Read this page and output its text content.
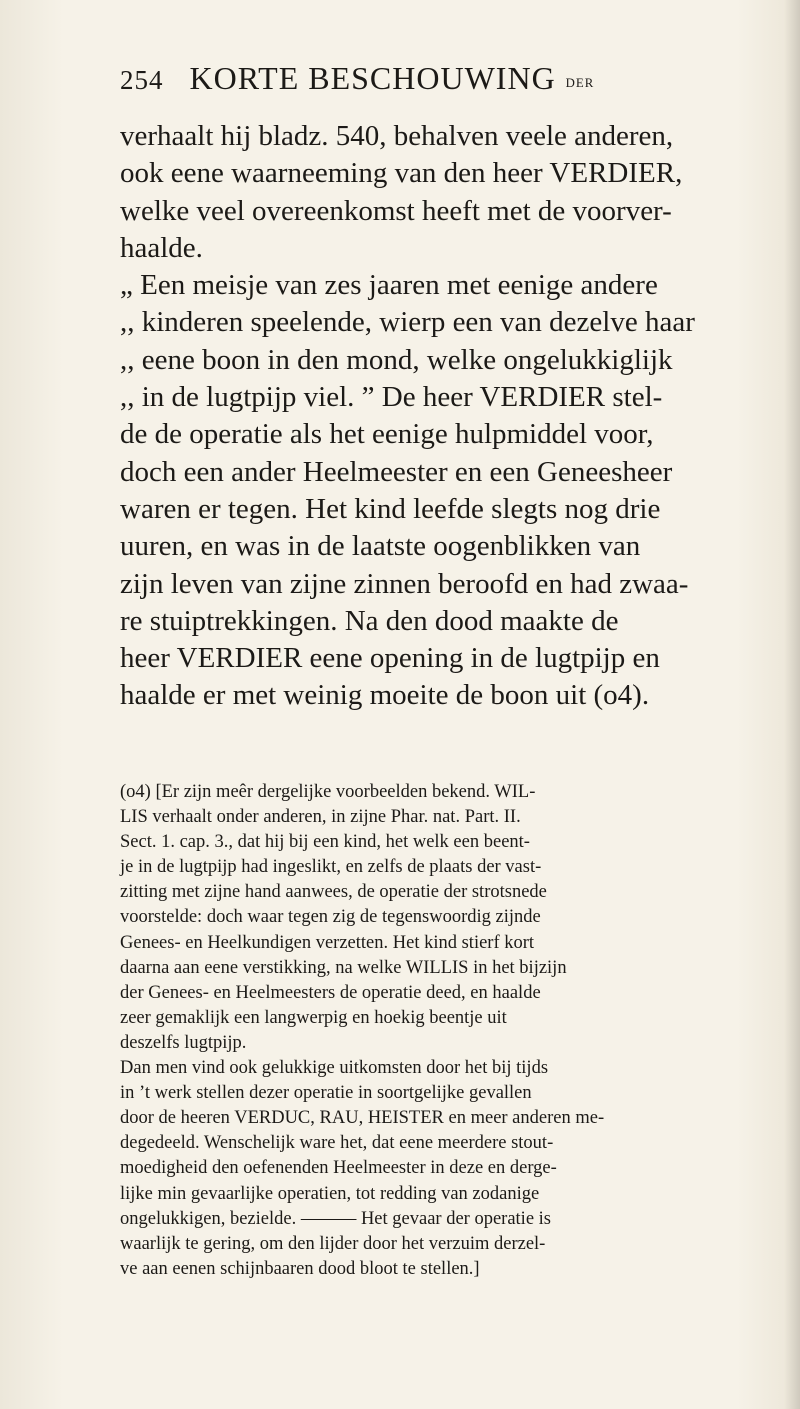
254 KORTE BESCHOUWING DER
verhaalt hij bladz. 540, behalven veele anderen,
ook eene waarneeming van den heer VERDIER,
welke veel overeenkomst heeft met de voorver-
haalde.
„ Een meisje van zes jaaren met eenige andere
,, kinderen speelende, wierp een van dezelve haar
,, eene boon in den mond, welke ongelukkiglijk
,, in de lugtpijp viel. ” De heer VERDIER stel-
de de operatie als het eenige hulpmiddel voor,
doch een ander Heelmeester en een Geneesheer
waren er tegen. Het kind leefde slegts nog drie
uuren, en was in de laatste oogenblikken van
zijn leven van zijne zinnen beroofd en had zwaa-
re stuiptrekkingen. Na den dood maakte de
heer VERDIER eene opening in de lugtpijp en
haalde er met weinig moeite de boon uit (o4).
(o4) [Er zijn meêr dergelijke voorbeelden bekend. WIL-
LIS verhaalt onder anderen, in zijne Phar. nat. Part. II.
Sect. 1. cap. 3., dat hij bij een kind, het welk een beent-
je in de lugtpijp had ingeslikt, en zelfs de plaats der vast-
zitting met zijne hand aanwees, de operatie der strotsnede
voorstelde: doch waar tegen zig de tegenswoordig zijnde
Genees- en Heelkundigen verzetten. Het kind stierf kort
daarna aan eene verstikking, na welke WILLIS in het bijzijn
der Genees- en Heelmeesters de operatie deed, en haalde
zeer gemaklijk een langwerpig en hoekig beentje uit
deszelfs lugtpijp.
Dan men vind ook gelukkige uitkomsten door het bij tijds
in ’t werk stellen dezer operatie in soortgelijke gevallen
door de heeren VERDUC, RAU, HEISTER en meer anderen me-
degedeeld. Wenschelijk ware het, dat eene meerdere stout-
moedigheid den oefenenden Heelmeester in deze en derge-
lijke min gevaarlijke operatien, tot redding van zodanige
ongelukkigen, bezielde. ——— Het gevaar der operatie is
waarlijk te gering, om den lijder door het verzuim derzel-
ve aan eenen schijnbaaren dood bloot te stellen.]
